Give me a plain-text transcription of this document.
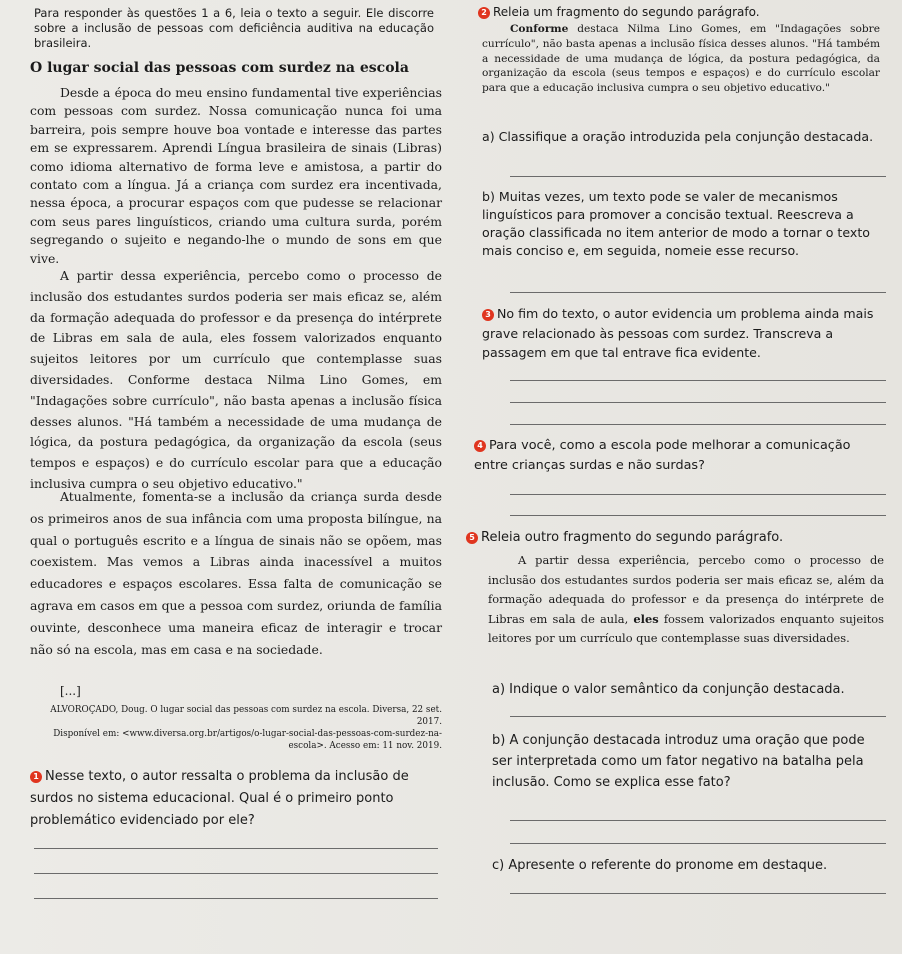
Para responder às questões 1 a 6, leia o texto a seguir. Ele discorre sobre a inclusão de pessoas com deficiência auditiva na educação brasileira.
O lugar social das pessoas com surdez na escola
Desde a época do meu ensino fundamental tive experiências com pessoas com surdez. Nossa comunicação nunca foi uma barreira, pois sempre houve boa vontade e interesse das partes em se expressarem. Aprendi Língua brasileira de sinais (Libras) como idioma alternativo de forma leve e amistosa, a partir do contato com a língua. Já a criança com surdez era incentivada, nessa época, a procurar espaços com que pudesse se relacionar com seus pares linguísticos, criando uma cultura surda, porém segregando o sujeito e negando-lhe o mundo de sons em que vive.
A partir dessa experiência, percebo como o processo de inclusão dos estudantes surdos poderia ser mais eficaz se, além da formação adequada do professor e da presença do intérprete de Libras em sala de aula, eles fossem valorizados enquanto sujeitos leitores por um currículo que contemplasse suas diversidades. Conforme destaca Nilma Lino Gomes, em "Indagações sobre currículo", não basta apenas a inclusão física desses alunos. "Há também a necessidade de uma mudança de lógica, da postura pedagógica, da organização da escola (seus tempos e espaços) e do currículo escolar para que a educação inclusiva cumpra o seu objetivo educativo."
Atualmente, fomenta-se a inclusão da criança surda desde os primeiros anos de sua infância com uma proposta bilíngue, na qual o português escrito e a língua de sinais não se opõem, mas coexistem. Mas vemos a Libras ainda inacessível a muitos educadores e espaços escolares. Essa falta de comunicação se agrava em casos em que a pessoa com surdez, oriunda de família ouvinte, desconhece uma maneira eficaz de interagir e trocar não só na escola, mas em casa e na sociedade.
[...]
ALVOROÇADO, Doug. O lugar social das pessoas com surdez na escola. Diversa, 22 set. 2017.
Disponível em: <www.diversa.org.br/artigos/o-lugar-social-das-pessoas-com-surdez-na-
escola>. Acesso em: 11 nov. 2019.
1 Nesse texto, o autor ressalta o problema da inclusão de surdos no sistema educacional. Qual é o primeiro ponto problemático evidenciado por ele?
2 Releia um fragmento do segundo parágrafo.
Conforme destaca Nilma Lino Gomes, em "Indagações sobre currículo", não basta apenas a inclusão física desses alunos. "Há também a necessidade de uma mudança de lógica, da postura pedagógica, da organização da escola (seus tempos e espaços) e do currículo escolar para que a educação inclusiva cumpra o seu objetivo educativo."
a) Classifique a oração introduzida pela conjunção destacada.
b) Muitas vezes, um texto pode se valer de mecanismos linguísticos para promover a concisão textual. Reescreva a oração classificada no item anterior de modo a tornar o texto mais conciso e, em seguida, nomeie esse recurso.
3 No fim do texto, o autor evidencia um problema ainda mais grave relacionado às pessoas com surdez. Transcreva a passagem em que tal entrave fica evidente.
4 Para você, como a escola pode melhorar a comunicação entre crianças surdas e não surdas?
5 Releia outro fragmento do segundo parágrafo.
A partir dessa experiência, percebo como o processo de inclusão dos estudantes surdos poderia ser mais eficaz se, além da formação adequada do professor e da presença do intérprete de Libras em sala de aula, eles fossem valorizados enquanto sujeitos leitores por um currículo que contemplasse suas diversidades.
a) Indique o valor semântico da conjunção destacada.
b) A conjunção destacada introduz uma oração que pode ser interpretada como um fator negativo na batalha pela inclusão. Como se explica esse fato?
c) Apresente o referente do pronome em destaque.
